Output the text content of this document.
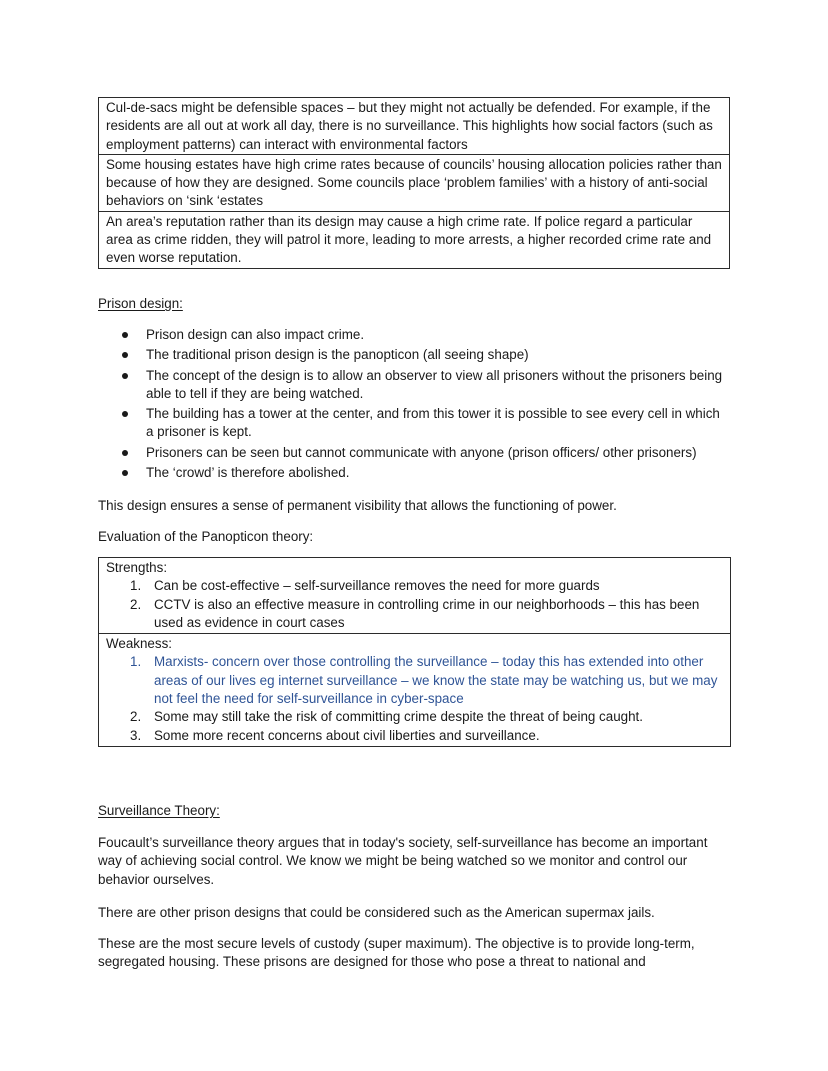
Cul-de-sacs might be defensible spaces – but they might not actually be defended. For example, if the residents are all out at work all day, there is no surveillance. This highlights how social factors (such as employment patterns) can interact with environmental factors
Some housing estates have high crime rates because of councils’ housing allocation policies rather than because of how they are designed. Some councils place ‘problem families’ with a history of anti-social behaviors on ‘sink ‘estates
An area’s reputation rather than its design may cause a high crime rate. If police regard a particular area as crime ridden, they will patrol it more, leading to more arrests, a higher recorded crime rate and even worse reputation.
Prison design:
Prison design can also impact crime.
The traditional prison design is the panopticon (all seeing shape)
The concept of the design is to allow an observer to view all prisoners without the prisoners being able to tell if they are being watched.
The building has a tower at the center, and from this tower it is possible to see every cell in which a prisoner is kept.
Prisoners can be seen but cannot communicate with anyone (prison officers/ other prisoners)
The ‘crowd’ is therefore abolished.

This design ensures a sense of permanent visibility that allows the functioning of power.

Evaluation of the Panopticon theory:

Strengths:
1. Can be cost-effective – self-surveillance removes the need for more guards
2. CCTV is also an effective measure in controlling crime in our neighborhoods – this has been used as evidence in court cases
Weakness:
1. Marxists- concern over those controlling the surveillance – today this has extended into other areas of our lives eg internet surveillance – we know the state may be watching us, but we may not feel the need for self-surveillance in cyber-space
2. Some may still take the risk of committing crime despite the threat of being caught.
3. Some more recent concerns about civil liberties and surveillance.
Surveillance Theory:

Foucault’s surveillance theory argues that in today's society, self-surveillance has become an important way of achieving social control. We know we might be being watched so we monitor and control our behavior ourselves.

There are other prison designs that could be considered such as the American supermax jails.

These are the most secure levels of custody (super maximum). The objective is to provide long-term, segregated housing. These prisons are designed for those who pose a threat to national and
